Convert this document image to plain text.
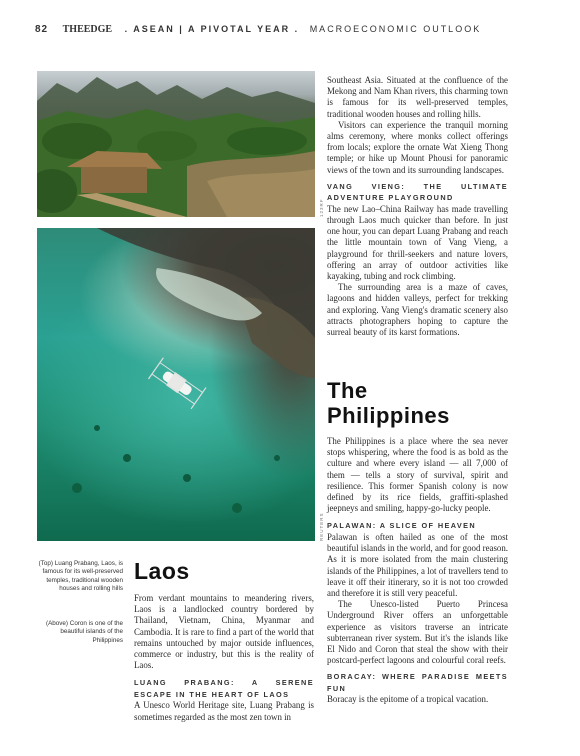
82 THEEDGE . ASEAN | A PIVOTAL YEAR . MACROECONOMIC OUTLOOK
123RF
REUTERS
(Top) Luang Prabang, Laos, is famous for its well-preserved temples, traditional wooden houses and rolling hills
(Above) Coron is one of the beautiful islands of the Philippines
Laos

From verdant mountains to meandering rivers, Laos is a landlocked country bordered by Thailand, Vietnam, China, Myanmar and Cambodia. It is rare to find a part of the world that remains untouched by major outside influences, commerce or industry, but this is the reality of Laos.

LUANG PRABANG: A SERENE ESCAPE IN THE HEART OF LAOS

A Unesco World Heritage site, Luang Prabang is sometimes regarded as the most zen town in

Southeast Asia. Situated at the confluence of the Mekong and Nam Khan rivers, this charming town is famous for its well-preserved temples, traditional wooden houses and rolling hills.

Visitors can experience the tranquil morning alms ceremony, where monks collect offerings from locals; explore the ornate Wat Xieng Thong temple; or hike up Mount Phousi for panoramic views of the town and its surrounding landscapes.

VANG VIENG: THE ULTIMATE ADVENTURE PLAYGROUND

The new Lao–China Railway has made travelling through Laos much quicker than before. In just one hour, you can depart Luang Prabang and reach the little mountain town of Vang Vieng, a playground for thrill-seekers and nature lovers, offering an array of outdoor activities like kayaking, tubing and rock climbing.

The surrounding area is a maze of caves, lagoons and hidden valleys, perfect for trekking and exploring. Vang Vieng's dramatic scenery also attracts photographers hoping to capture the surreal beauty of its karst formations.

The
Philippines

The Philippines is a place where the sea never stops whispering, where the food is as bold as the culture and where every island — all 7,000 of them — tells a story of survival, spirit and resilience. This former Spanish colony is now defined by its rice fields, graffiti-splashed jeepneys and smiling, happy-go-lucky people.

PALAWAN: A SLICE OF HEAVEN

Palawan is often hailed as one of the most beautiful islands in the world, and for good reason. As it is more isolated from the main clustering islands of the Philippines, a lot of travellers tend to leave it off their itinerary, so it is not too crowded and therefore it is still very peaceful.

The Unesco-listed Puerto Princesa Underground River offers an unforgettable experience as visitors traverse an intricate subterranean river system. But it's the islands like El Nido and Coron that steal the show with their postcard-perfect lagoons and colourful coral reefs.

BORACAY: WHERE PARADISE MEETS FUN

Boracay is the epitome of a tropical vacation.
